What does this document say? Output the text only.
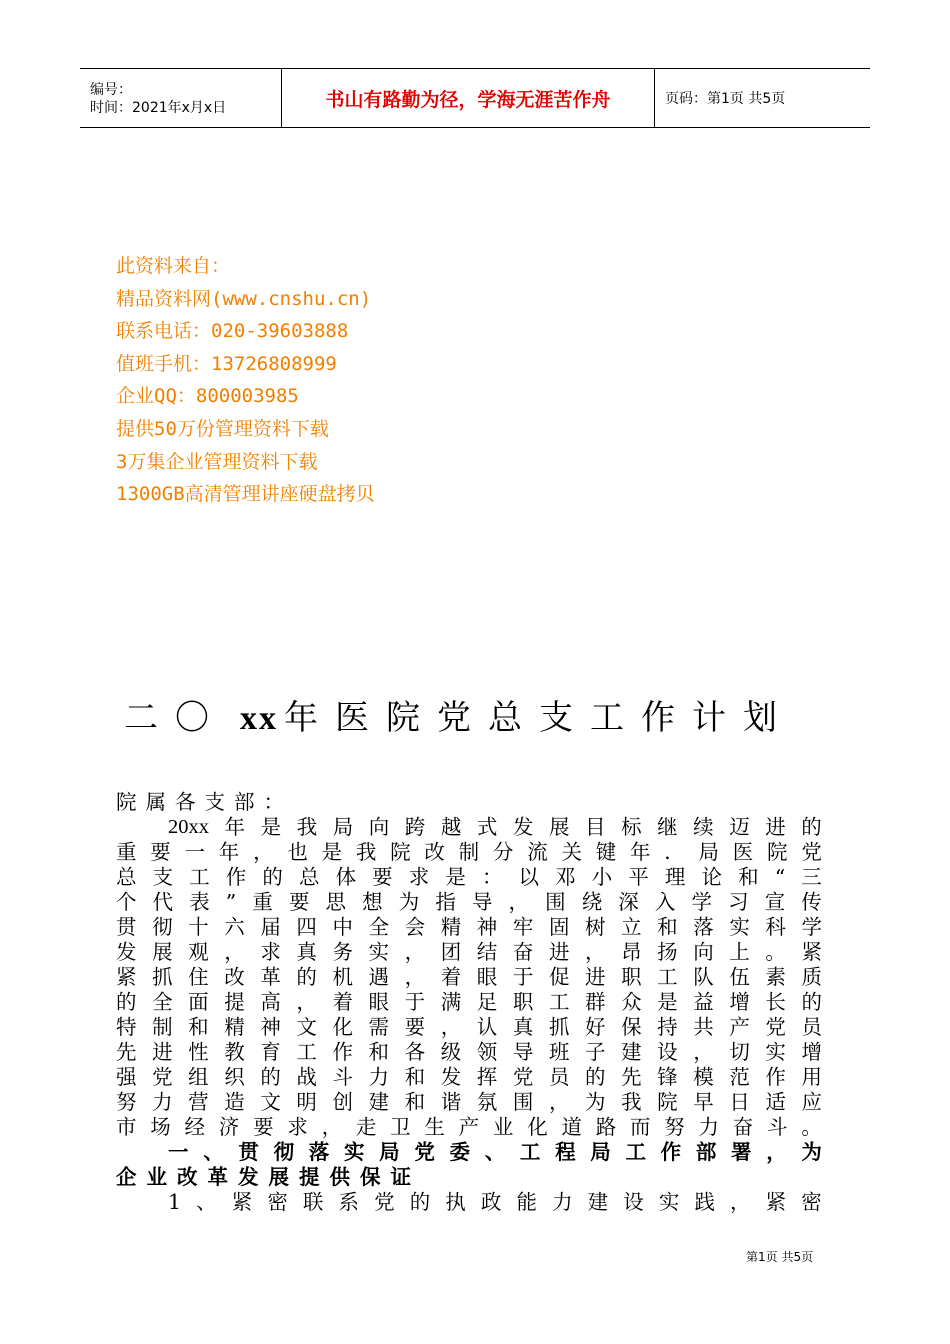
编号：
时间：2021年x月x日	书山有路勤为径，学海无涯苦作舟	页码：第1页 共5页
此资料来自：
精品资料网(www.cnshu.cn)
联系电话：020-39603888
值班手机：13726808999
企业QQ：800003985
提供50万份管理资料下载
3万集企业管理资料下载
1300GB高清管理讲座硬盘拷贝
二〇 xx 年医院党总支工作计划
院属各支部：
20xx 年 是 我 局 向 跨 越 式 发 展 目 标 继 续 迈 进 的
重 要 一 年 ， 也 是 我 院 改 制 分 流 关 键 年 ． 局 医 院 党
总 支 工 作 的 总 体 要 求 是 ： 以 邓 小 平 理 论 和 “ 三
个 代 表 ” 重 要 思 想 为 指 导 ， 围 绕 深 入 学 习 宣 传
贯 彻 十 六 届 四 中 全 会 精 神 牢 固 树 立 和 落 实 科 学
发 展 观 ， 求 真 务 实 ， 团 结 奋 进 ， 昂 扬 向 上 。 紧
紧 抓 住 改 革 的 机 遇 ， 着 眼 于 促 进 职 工 队 伍 素 质
的 全 面 提 高 ， 着 眼 于 满 足 职 工 群 众 是 益 增 长 的
特 制 和 精 神 文 化 需 要 ， 认 真 抓 好 保 持 共 产 党 员
先 进 性 教 育 工 作 和 各 级 领 导 班 子 建 设 ， 切 实 增
强 党 组 织 的 战 斗 力 和 发 挥 党 员 的 先 锋 模 范 作 用
努 力 营 造 文 明 创 建 和 谐 氛 围 ， 为 我 院 早 日 适 应
市 场 经 济 要 求 ， 走 卫 生 产 业 化 道 路 而 努 力 奋 斗 。
一 、 贯 彻 落 实 局 党 委 、 工 程 局 工 作 部 署 ， 为
企业改革发展提供保证
1 、 紧 密 联 系 党 的 执 政 能 力 建 设 实 践 ， 紧 密
第1页 共5页
